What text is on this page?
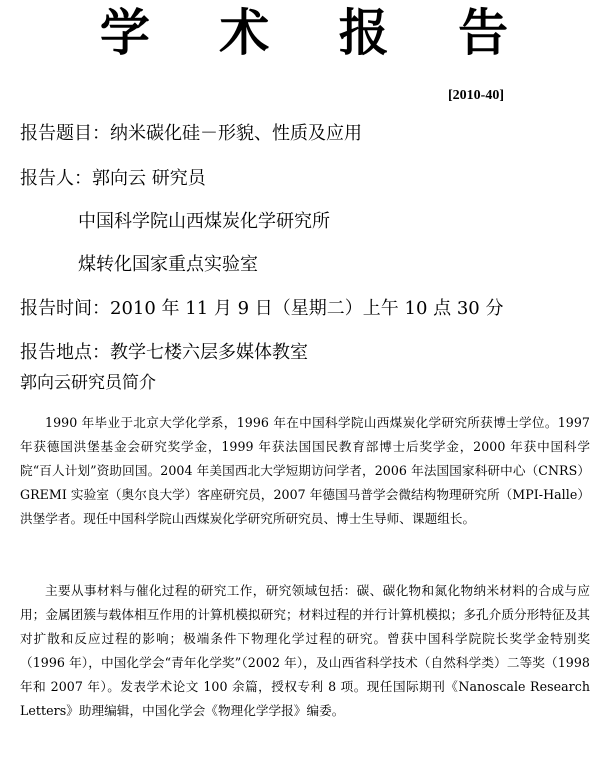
学 术 报 告
[2010-40]
报告题目：纳米碳化硅－形貌、性质及应用
报告人：郭向云 研究员
中国科学院山西煤炭化学研究所
煤转化国家重点实验室
报告时间：2010 年 11 月 9 日（星期二）上午 10 点 30 分
报告地点：教学七楼六层多媒体教室
郭向云研究员简介
1990 年毕业于北京大学化学系，1996 年在中国科学院山西煤炭化学研究所获博士学位。1997 年获德国洪堡基金会研究奖学金，1999 年获法国国民教育部博士后奖学金，2000 年获中国科学院“百人计划”资助回国。2004 年美国西北大学短期访问学者，2006 年法国国家科研中心（CNRS）GREMI 实验室（奥尔良大学）客座研究员，2007 年德国马普学会微结构物理研究所（MPI-Halle）洪堡学者。现任中国科学院山西煤炭化学研究所研究员、博士生导师、课题组长。
主要从事材料与催化过程的研究工作，研究领域包括：碳、碳化物和氮化物纳米材料的合成与应用；金属团簇与载体相互作用的计算机模拟研究；材料过程的并行计算机模拟；多孔介质分形特征及其对扩散和反应过程的影响；极端条件下物理化学过程的研究。曾获中国科学院院长奖学金特别奖（1996 年），中国化学会“青年化学奖”（2002 年），及山西省科学技术（自然科学类）二等奖（1998 年和 2007 年）。发表学术论文 100 余篇，授权专利 8 项。现任国际期刊《Nanoscale Research Letters》助理编辑，中国化学会《物理化学学报》编委。
